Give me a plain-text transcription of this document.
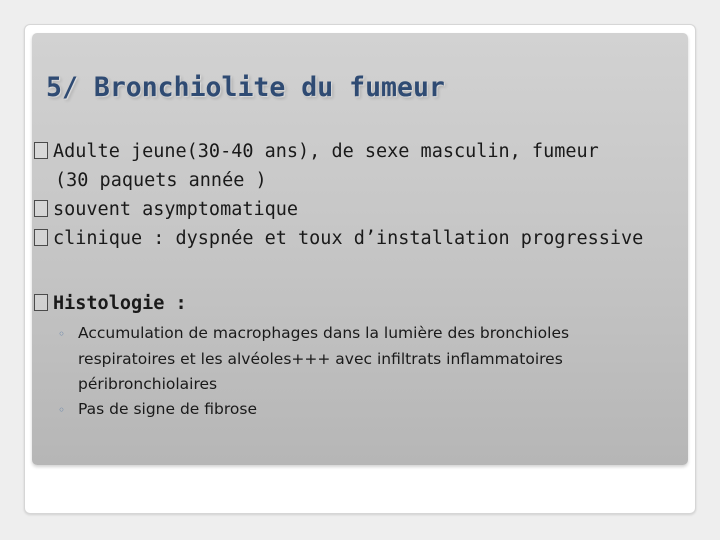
5/ Bronchiolite du fumeur
Adulte jeune(30-40 ans), de sexe masculin, fumeur
(30 paquets année )
souvent asymptomatique
clinique : dyspnée et toux d’installation progressive
Histologie :
◦ Accumulation de macrophages dans la lumière des bronchioles
respiratoires et les alvéoles+++ avec infiltrats inflammatoires
péribronchiolaires
◦ Pas de signe de fibrose
